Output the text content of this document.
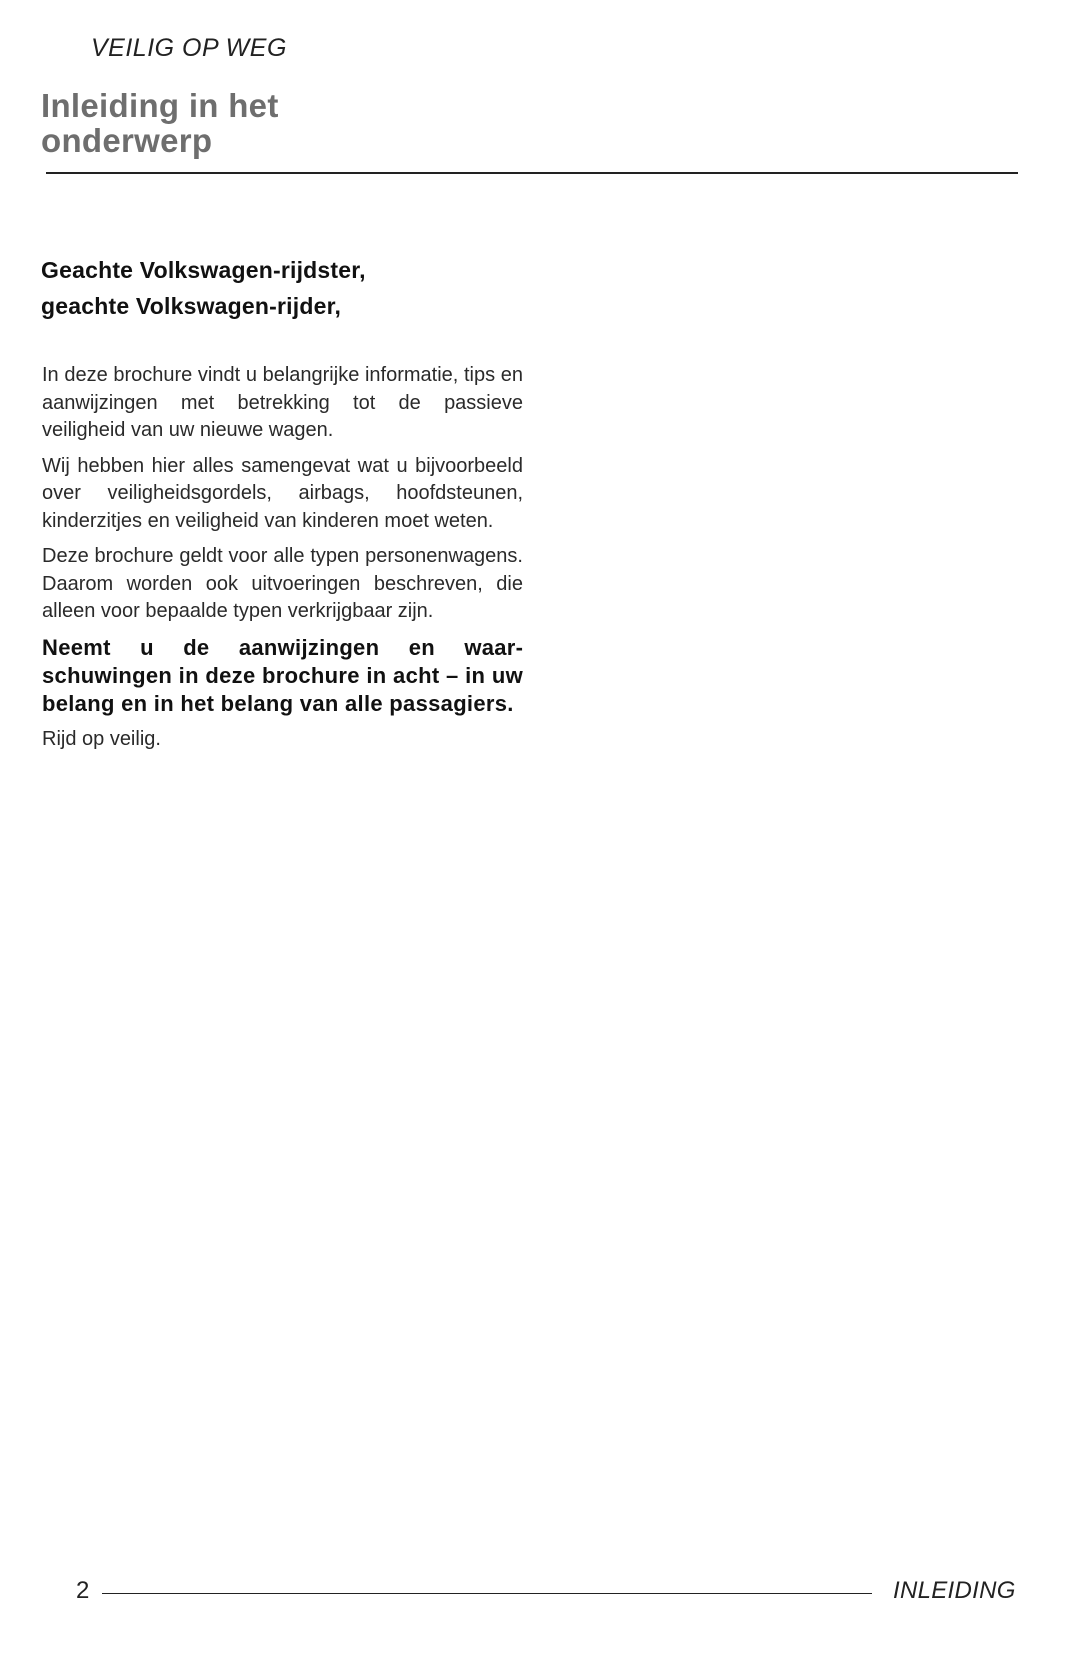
VEILIG OP WEG
Inleiding in het
onderwerp
Geachte Volkswagen-rijdster,
geachte Volkswagen-rijder,

In deze brochure vindt u belangrijke informatie, tips en aanwijzingen met betrekking tot de passieve veiligheid van uw nieuwe wagen.

Wij hebben hier alles samengevat wat u bijvoorbeeld over veiligheidsgordels, airbags, hoofdsteunen, kinderzitjes en veiligheid van kinderen moet weten.

Deze brochure geldt voor alle typen personenwagens. Daarom worden ook uitvoeringen beschreven, die alleen voor bepaalde typen verkrijgbaar zijn.

Neemt u de aanwijzingen en waarschuwingen in deze brochure in acht – in uw belang en in het belang van alle passagiers.

Rijd op veilig.

2	INLEIDING
